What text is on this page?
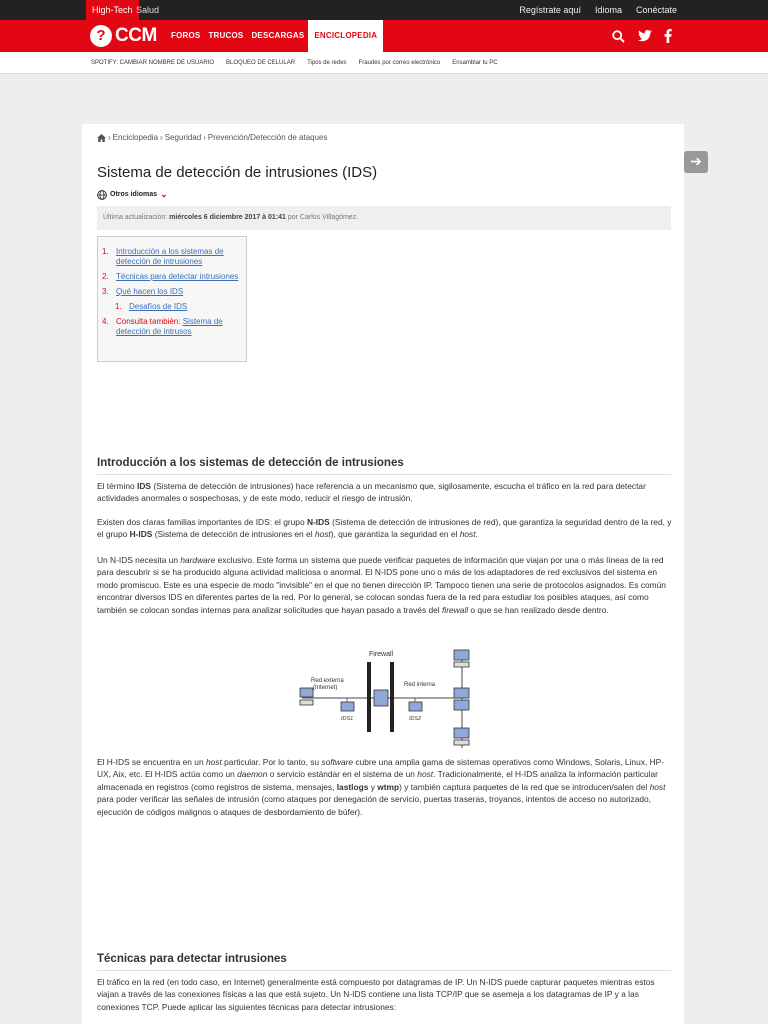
High-Tech Salud	Regístrate aquí	Idioma	Conéctate
? CCM	FOROS	TRUCOS	DESCARGAS	ENCICLOPEDIA
SPOTIFY: CAMBIAR NOMBRE DE USUARIO BLOQUEO DE CELULAR Tipos de redes Fraudes por correo electrónico Ensamblar tu PC
➔
› Enciclopedia › Seguridad › Prevención/Detección de ataques
Sistema de detección de intrusiones (IDS)
Otros idiomas ⌄
Última actualización: miércoles 6 diciembre 2017 à 01:41 por Carlos Villagómez.
1. Introducción a los sistemas de detección de intrusiones
2. Técnicas para detectar intrusiones
3. Qué hacen los IDS
1. Desafíos de IDS
4. Consulta también: Sistema de detección de intrusos
Introducción a los sistemas de detección de intrusiones

El término IDS (Sistema de detección de intrusiones) hace referencia a un mecanismo que, sigilosamente, escucha el tráfico en la red para detectar actividades anormales o sospechosas, y de este modo, reducir el riesgo de intrusión.

Existen dos claras familias importantes de IDS: el grupo N-IDS (Sistema de detección de intrusiones de red), que garantiza la seguridad dentro de la red, y el grupo H-IDS (Sistema de detección de intrusiones en el host), que garantiza la seguridad en el host.

Un N-IDS necesita un hardware exclusivo. Este forma un sistema que puede verificar paquetes de información que viajan por una o más líneas de la red para descubrir si se ha producido alguna actividad maliciosa o anormal. El N-IDS pone uno o más de los adaptadores de red exclusivos del sistema en modo promiscuo. Este es una especie de modo "invisible" en el que no tienen dirección IP. Tampoco tienen una serie de protocolos asignados. Es común encontrar diversos IDS en diferentes partes de la red. Por lo general, se colocan sondas fuera de la red para estudiar los posibles ataques, así como también se colocan sondas internas para analizar solicitudes que hayan pasado a través del firewall o que se han realizado desde dentro.

Firewall
Red externa
(Internet)	Red interna
IDS1	IDS2

El H-IDS se encuentra en un host particular. Por lo tanto, su software cubre una amplia gama de sistemas operativos como Windows, Solaris, Linux, HP-UX, Aix, etc. El H-IDS actúa como un daemon o servicio estándar en el sistema de un host. Tradicionalmente, el H-IDS analiza la información particular almacenada en registros (como registros de sistema, mensajes, lastlogs y wtmp) y también captura paquetes de la red que se introducen/salen del host para poder verificar las señales de intrusión (como ataques por denegación de servicio, puertas traseras, troyanos, intentos de acceso no autorizado, ejecución de códigos malignos o ataques de desbordamiento de búfer).

Técnicas para detectar intrusiones

El tráfico en la red (en todo caso, en Internet) generalmente está compuesto por datagramas de IP. Un N-IDS puede capturar paquetes mientras estos viajan a través de las conexiones físicas a las que está sujeto. Un N-IDS contiene una lista TCP/IP que se asemeja a los datagramas de IP y a las conexiones TCP. Puede aplicar las siguientes técnicas para detectar intrusiones:
